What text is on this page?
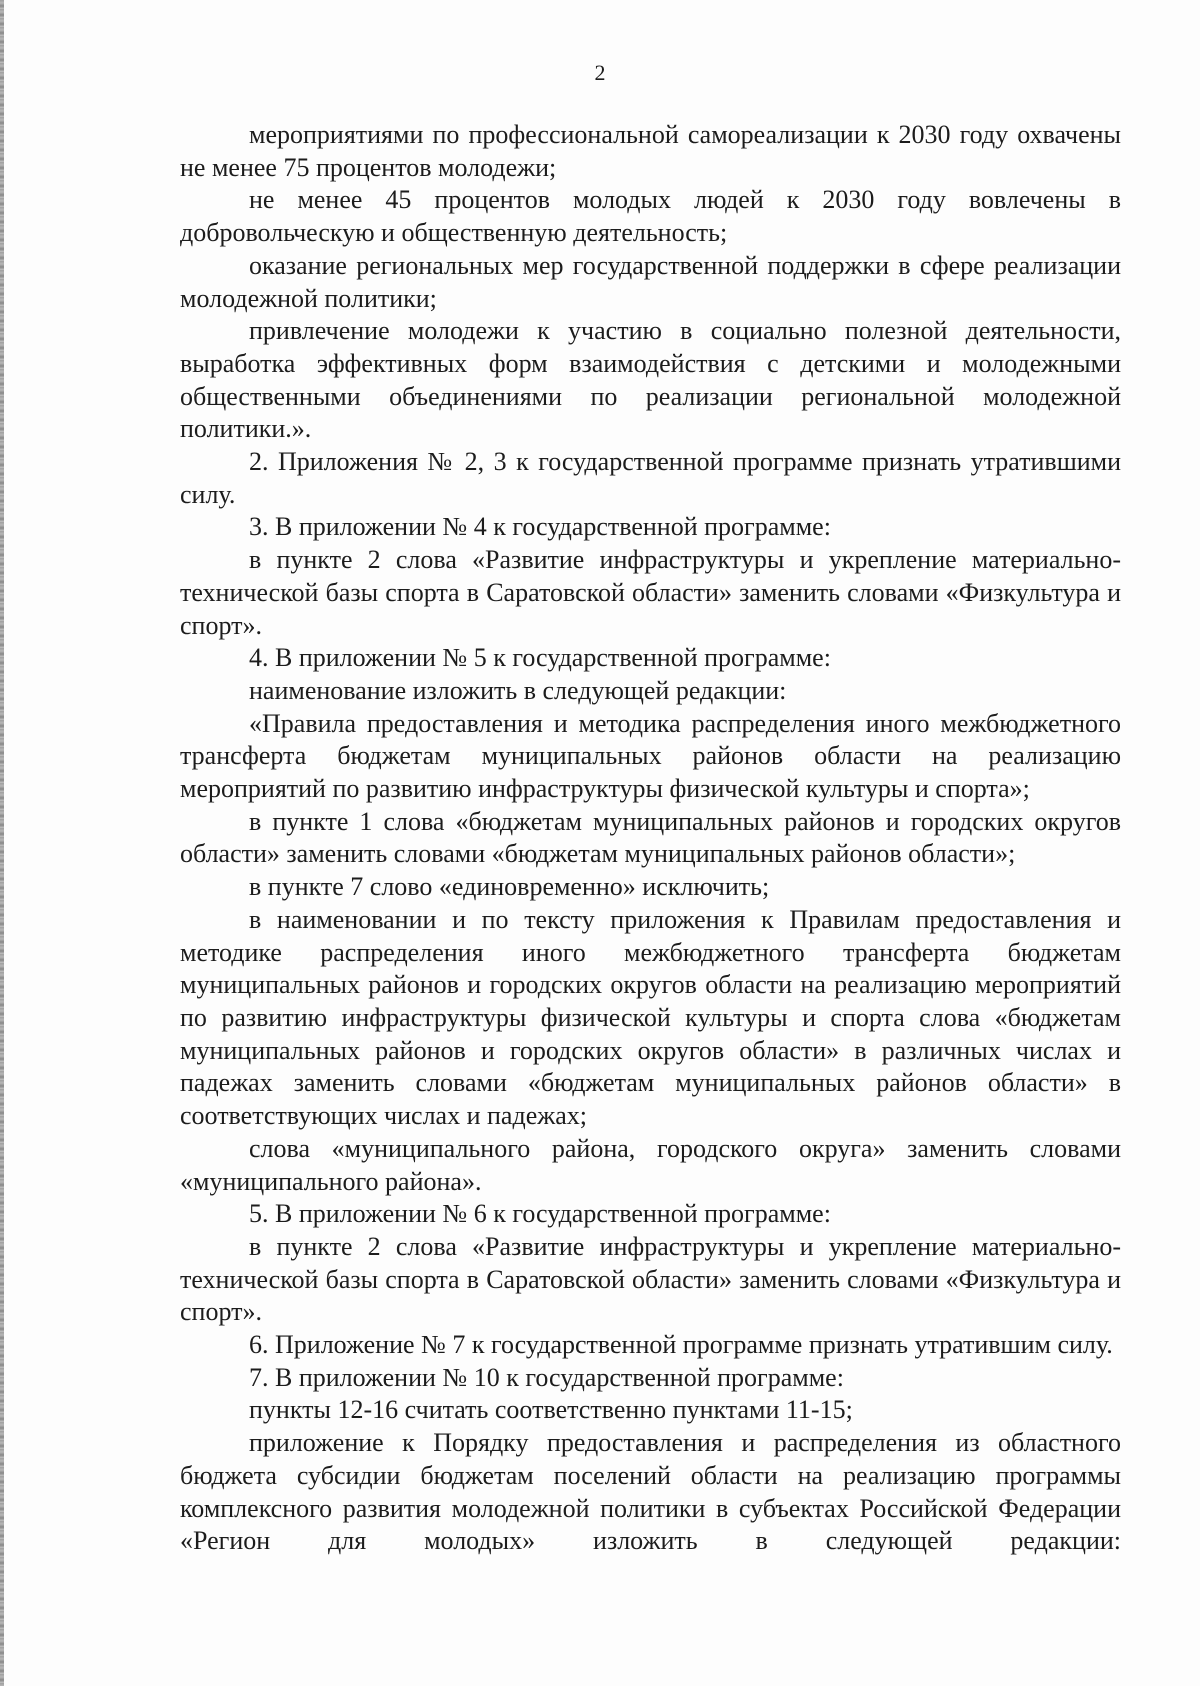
2

мероприятиями по профессиональной самореализации к 2030 году охвачены не менее 75 процентов молодежи;

не менее 45 процентов молодых людей к 2030 году вовлечены в добровольческую и общественную деятельность;

оказание региональных мер государственной поддержки в сфере реализации молодежной политики;

привлечение молодежи к участию в социально полезной деятельности, выработка эффективных форм взаимодействия с детскими и молодежными общественными объединениями по реализации региональной молодежной политики.».

2. Приложения № 2, 3 к государственной программе признать утратившими силу.

3. В приложении № 4 к государственной программе:

в пункте 2 слова «Развитие инфраструктуры и укрепление материально-технической базы спорта в Саратовской области» заменить словами «Физкультура и спорт».

4. В приложении № 5 к государственной программе:

наименование изложить в следующей редакции:

«Правила предоставления и методика распределения иного межбюджетного трансферта бюджетам муниципальных районов области на реализацию мероприятий по развитию инфраструктуры физической культуры и спорта»;

в пункте 1 слова «бюджетам муниципальных районов и городских округов области» заменить словами «бюджетам муниципальных районов области»;

в пункте 7 слово «единовременно» исключить;

в наименовании и по тексту приложения к Правилам предоставления и методике распределения иного межбюджетного трансферта бюджетам муниципальных районов и городских округов области на реализацию мероприятий по развитию инфраструктуры физической культуры и спорта слова «бюджетам муниципальных районов и городских округов области» в различных числах и падежах заменить словами «бюджетам муниципальных районов области» в соответствующих числах и падежах;

слова «муниципального района, городского округа» заменить словами «муниципального района».

5. В приложении № 6 к государственной программе:

в пункте 2 слова «Развитие инфраструктуры и укрепление материально-технической базы спорта в Саратовской области» заменить словами «Физкультура и спорт».

6. Приложение № 7 к государственной программе признать утратившим силу.

7. В приложении № 10 к государственной программе:

пункты 12-16 считать соответственно пунктами 11-15;

приложение к Порядку предоставления и распределения из областного бюджета субсидии бюджетам поселений области на реализацию программы комплексного развития молодежной политики в субъектах Российской Федерации «Регион для молодых» изложить в следующей редакции:
